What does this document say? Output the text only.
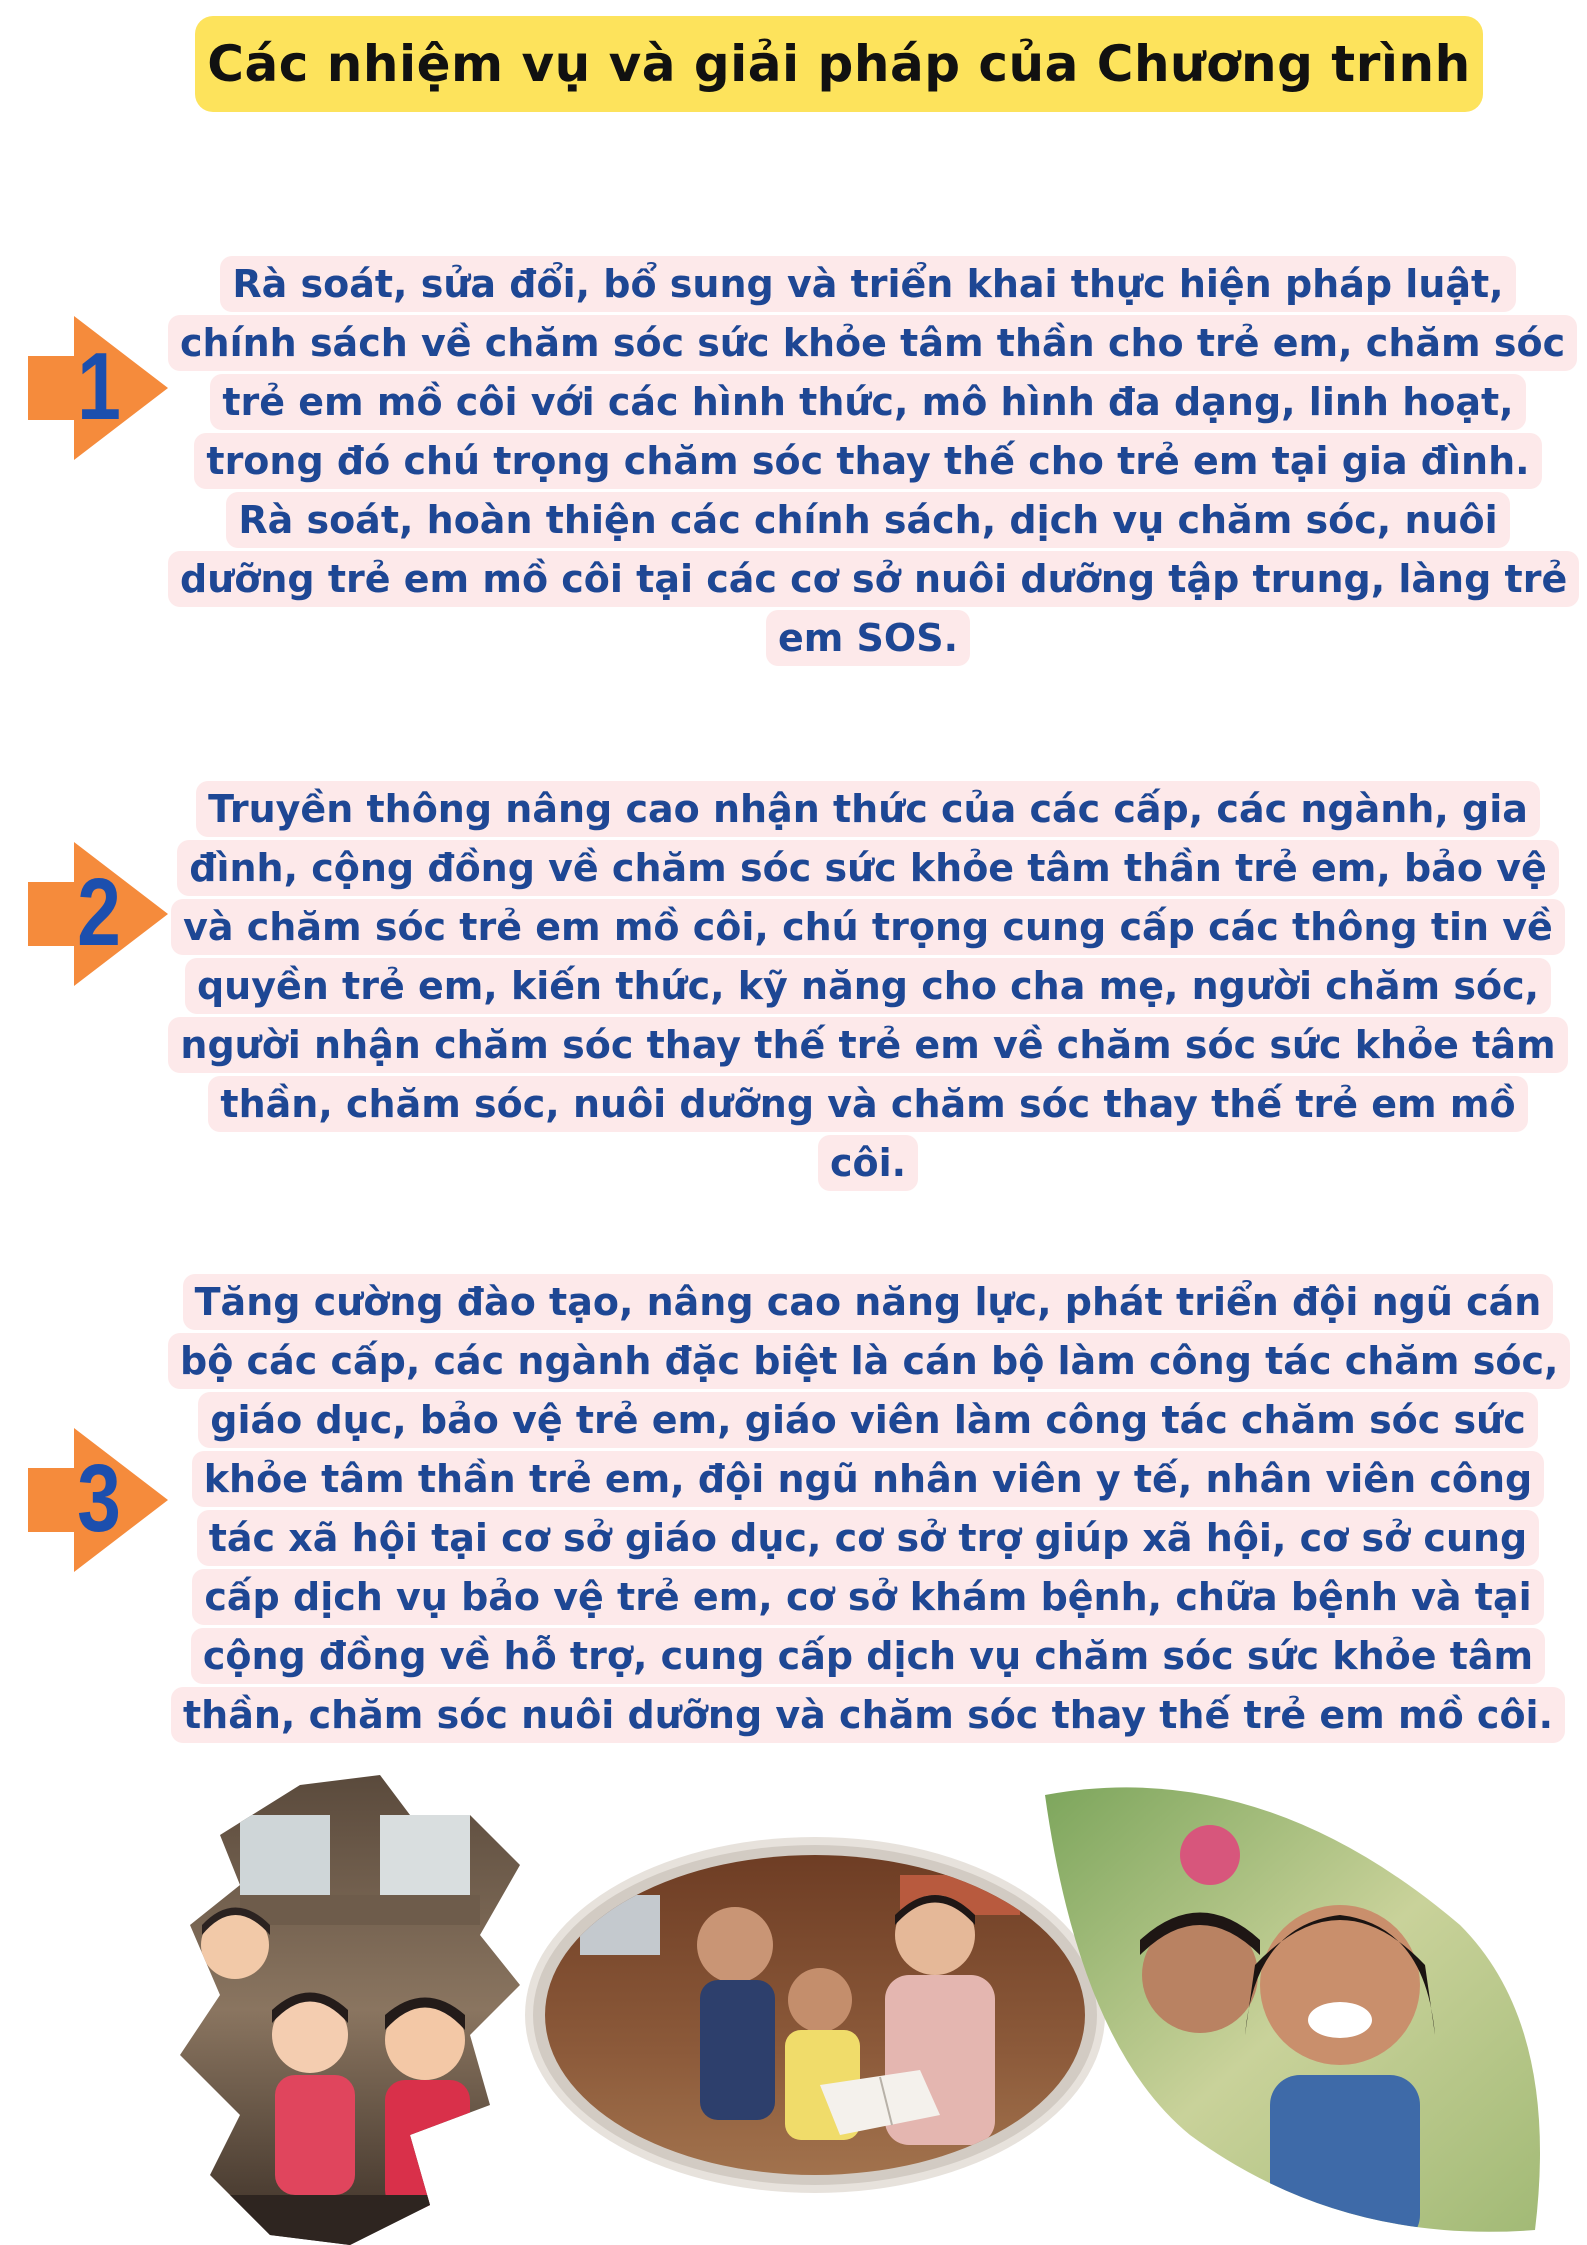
Các nhiệm vụ và giải pháp của Chương trình
1
Rà soát, sửa đổi, bổ sung và triển khai thực hiện pháp luật, chính sách về chăm sóc sức khỏe tâm thần cho trẻ em, chăm sóc trẻ em mồ côi với các hình thức, mô hình đa dạng, linh hoạt, trong đó chú trọng chăm sóc thay thế cho trẻ em tại gia đình. Rà soát, hoàn thiện các chính sách, dịch vụ chăm sóc, nuôi dưỡng trẻ em mồ côi tại các cơ sở nuôi dưỡng tập trung, làng trẻ em SOS.
2
Truyền thông nâng cao nhận thức của các cấp, các ngành, gia đình, cộng đồng về chăm sóc sức khỏe tâm thần trẻ em, bảo vệ và chăm sóc trẻ em mồ côi, chú trọng cung cấp các thông tin về quyền trẻ em, kiến thức, kỹ năng cho cha mẹ, người chăm sóc, người nhận chăm sóc thay thế trẻ em về chăm sóc sức khỏe tâm thần, chăm sóc, nuôi dưỡng và chăm sóc thay thế trẻ em mồ côi.
3
Tăng cường đào tạo, nâng cao năng lực, phát triển đội ngũ cán bộ các cấp, các ngành đặc biệt là cán bộ làm công tác chăm sóc, giáo dục, bảo vệ trẻ em, giáo viên làm công tác chăm sóc sức khỏe tâm thần trẻ em, đội ngũ nhân viên y tế, nhân viên công tác xã hội tại cơ sở giáo dục, cơ sở trợ giúp xã hội, cơ sở cung cấp dịch vụ bảo vệ trẻ em, cơ sở khám bệnh, chữa bệnh và tại cộng đồng về hỗ trợ, cung cấp dịch vụ chăm sóc sức khỏe tâm thần, chăm sóc nuôi dưỡng và chăm sóc thay thế trẻ em mồ côi.
